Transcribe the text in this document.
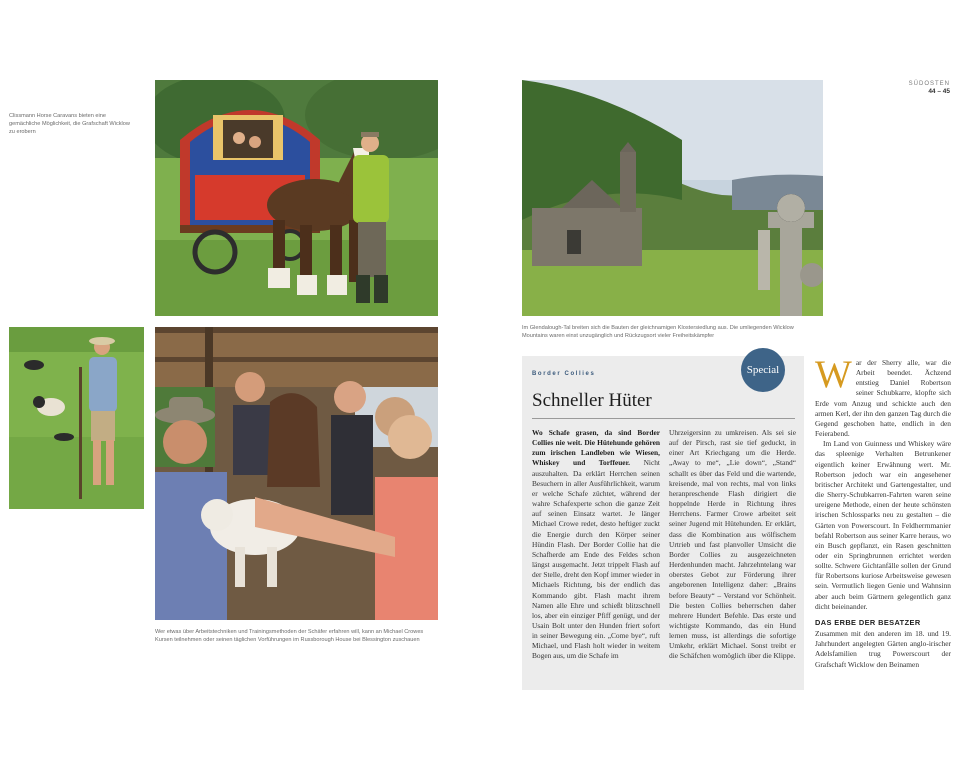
Clissmann Horse Caravans bieten eine gemächliche Möglichkeit, die Grafschaft Wicklow zu erobern
Im Glendalough-Tal breiten sich die Bauten der gleichnamigen Klostersiedlung aus. Die umliegenden Wicklow Mountains waren einst unzugänglich und Rückzugsort vieler Freiheitskämpfer
Wer etwas über Arbeitstechniken und Trainingsmethoden der Schäfer erfahren will, kann an Michael Crowes Kursen teilnehmen oder seinen täglichen Vorführungen im Russborough House bei Blessington zuschauen
SÜDOSTEN
44 – 45
Border Collies	Special
Schneller Hüter
Wo Schafe grasen, da sind Border Collies nie weit. Die Hütehunde gehören zum irischen Landleben wie Wiesen, Whiskey und Torffeuer. Nicht auszuhalten. Da erklärt Herrchen seinen Besuchern in aller Ausführlichkeit, warum er welche Schafe züchtet, während der wahre Schafexperte schon die ganze Zeit auf seinen Einsatz wartet. Je länger Michael Crowe redet, desto heftiger zuckt die Energie durch den Körper seiner Hündin Flash. Der Border Collie hat die Schafherde am Ende des Feldes schon längst ausgemacht. Jetzt trippelt Flash auf der Stelle, dreht den Kopf immer wieder in Michaels Richtung, bis der endlich das Kommando gibt. Flash macht ihrem Namen alle Ehre und schießt blitzschnell los, aber ein einziger Pfiff genügt, und der Usain Bolt unter den Hunden friert sofort in seiner Bewegung ein. „Come bye“, ruft Michael, und Flash holt wieder in weitem Bogen aus, um die Schafe im
Uhrzeigersinn zu umkreisen. Als sei sie auf der Pirsch, rast sie tief geduckt, in einer Art Kriechgang um die Herde. „Away to me“, „Lie down“, „Stand“ schallt es über das Feld und die wartende, kreisende, mal von rechts, mal von links heranpreschende Flash dirigiert die hoppelnde Herde in Richtung ihres Herrchens. Farmer Crowe arbeitet seit seiner Jugend mit Hütehunden. Er erklärt, dass die Kombination aus wölfischem Urtrieb und fast planvoller Umsicht die Border Collies zu ausgezeichneten Herdenhunden macht. Jahrzehntelang war oberstes Gebot zur Förderung ihrer angeborenen Intelligenz daher: „Brains before Beauty“ – Verstand vor Schönheit. Die besten Collies beherrschen daher mehrere Hundert Befehle. Das erste und wichtigste Kommando, das ein Hund lernen muss, ist allerdings die sofortige Umkehr, erklärt Michael. Sonst treibt er die Schäfchen womöglich über die Klippe.
W ar der Sherry alle, war die Arbeit beendet. Ächzend entstieg Daniel Robertson seiner Schubkarre, klopfte sich Erde vom Anzug und schickte auch den armen Kerl, der ihn den ganzen Tag durch die Gegend geschoben hatte, endlich in den Feierabend.
Im Land von Guinness und Whiskey wäre das spleenige Verhalten Betrunkener eigentlich keiner Erwähnung wert. Mr. Robertson jedoch war ein angesehener britischer Architekt und Gartengestalter, und die Sherry-Schubkarren-Fahrten waren seine ureigene Methode, einen der heute schönsten irischen Schlossparks neu zu gestalten – die Gärten von Powerscourt. In Feldherrnmanier befahl Robertson aus seiner Karre heraus, wo ein Busch gepflanzt, ein Rasen geschnitten oder ein Springbrunnen errichtet werden sollte. Schwere Gichtanfälle sollen der Grund für Robertsons kuriose Arbeitsweise gewesen sein. Vermutlich liegen Genie und Wahnsinn aber auch beim Gärtnern gelegentlich ganz dicht beieinander.
DAS ERBE DER BESATZER
Zusammen mit den anderen im 18. und 19. Jahrhundert angelegten Gärten anglo-irischer Adelsfamilien trug Powerscourt der Grafschaft Wicklow den Beinamen
